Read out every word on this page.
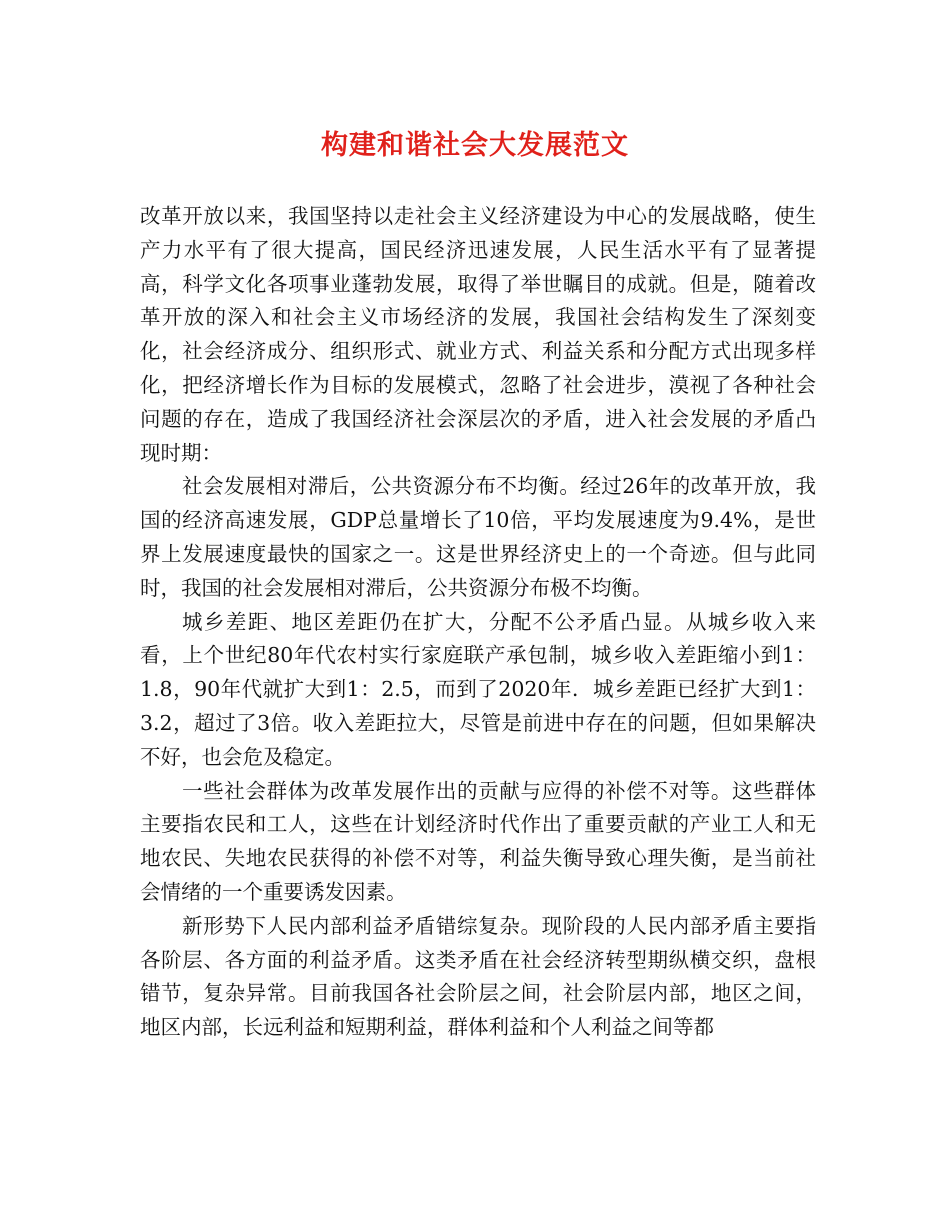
构建和谐社会大发展范文

改革开放以来，我国坚持以走社会主义经济建设为中心的发展战略，使生产力水平有了很大提高，国民经济迅速发展，人民生活水平有了显著提高，科学文化各项事业蓬勃发展，取得了举世瞩目的成就。但是，随着改革开放的深入和社会主义市场经济的发展，我国社会结构发生了深刻变化，社会经济成分、组织形式、就业方式、利益关系和分配方式出现多样化，把经济增长作为目标的发展模式，忽略了社会进步，漠视了各种社会问题的存在，造成了我国经济社会深层次的矛盾，进入社会发展的矛盾凸现时期：

社会发展相对滞后，公共资源分布不均衡。经过26年的改革开放，我国的经济高速发展，GDP总量增长了10倍，平均发展速度为9.4%，是世界上发展速度最快的国家之一。这是世界经济史上的一个奇迹。但与此同时，我国的社会发展相对滞后，公共资源分布极不均衡。

城乡差距、地区差距仍在扩大，分配不公矛盾凸显。从城乡收入来看，上个世纪80年代农村实行家庭联产承包制，城乡收入差距缩小到1：1.8，90年代就扩大到1：2.5，而到了2020年．城乡差距已经扩大到1：3.2，超过了3倍。收入差距拉大，尽管是前进中存在的问题，但如果解决不好，也会危及稳定。

一些社会群体为改革发展作出的贡献与应得的补偿不对等。这些群体主要指农民和工人，这些在计划经济时代作出了重要贡献的产业工人和无地农民、失地农民获得的补偿不对等，利益失衡导致心理失衡，是当前社会情绪的一个重要诱发因素。

新形势下人民内部利益矛盾错综复杂。现阶段的人民内部矛盾主要指各阶层、各方面的利益矛盾。这类矛盾在社会经济转型期纵横交织，盘根错节，复杂异常。目前我国各社会阶层之间，社会阶层内部，地区之间，地区内部，长远利益和短期利益，群体利益和个人利益之间等都
